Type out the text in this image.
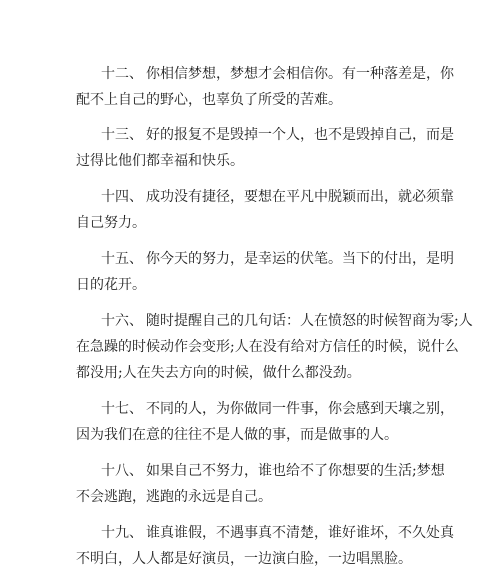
十二、 你相信梦想，梦想才会相信你。有一种落差是，你
配不上自己的野心，也辜负了所受的苦难。
十三、 好的报复不是毁掉一个人，也不是毁掉自己，而是
过得比他们都幸福和快乐。
十四、 成功没有捷径，要想在平凡中脱颖而出，就必须靠
自己努力。
十五、 你今天的努力，是幸运的伏笔。当下的付出，是明
日的花开。
十六、 随时提醒自己的几句话：人在愤怒的时候智商为零;人
在急躁的时候动作会变形;人在没有给对方信任的时候，说什么
都没用;人在失去方向的时候，做什么都没劲。
十七、 不同的人，为你做同一件事，你会感到天壤之别，
因为我们在意的往往不是人做的事，而是做事的人。
十八、 如果自己不努力，谁也给不了你想要的生活;梦想
不会逃跑，逃跑的永远是自己。
十九、 谁真谁假，不遇事真不清楚，谁好谁坏，不久处真
不明白，人人都是好演员，一边演白脸，一边唱黑脸。
